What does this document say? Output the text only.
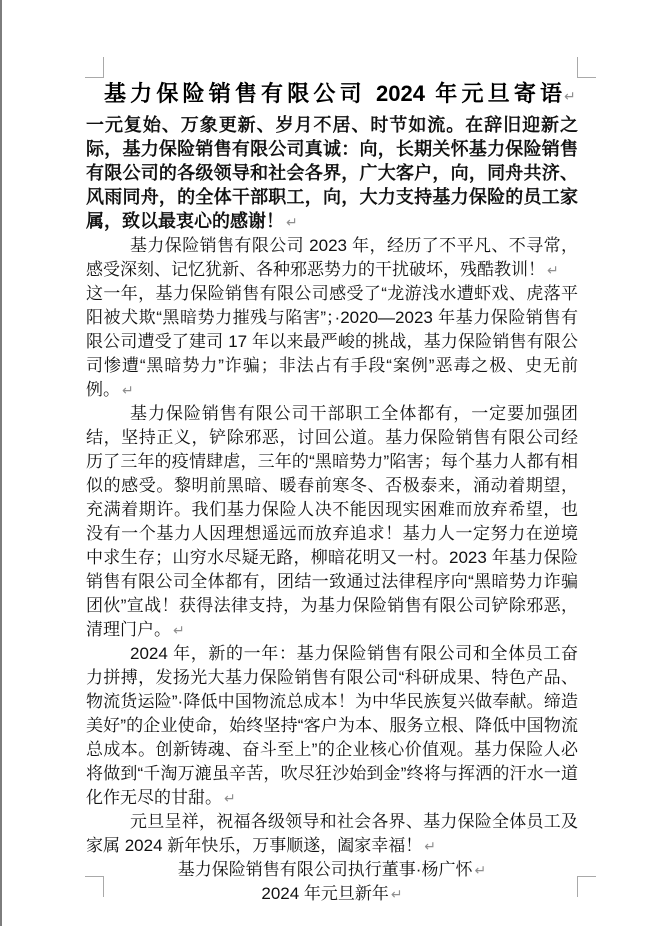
基力保险销售有限公司 2024 年元旦寄语 ↵

一元复始、万象更新、岁月不居、时节如流。在辞旧迎新之际，基力保险销售有限公司真诚：向，长期关怀基力保险销售有限公司的各级领导和社会各界，广大客户，向，同舟共济、风雨同舟，的全体干部职工，向，大力支持基力保险的员工家属，致以最衷心的感谢！ ↵

基力保险销售有限公司 2023 年，经历了不平凡、不寻常，感受深刻、记忆犹新、各种邪恶势力的干扰破坏，残酷教训！ ↵

这一年，基力保险销售有限公司感受了“龙游浅水遭虾戏、虎落平阳被犬欺“黑暗势力摧残与陷害”；·2020—2023 年基力保险销售有限公司遭受了建司 17 年以来最严峻的挑战，基力保险销售有限公司惨遭“黑暗势力”诈骗；非法占有手段“案例”恶毒之极、史无前例。 ↵

基力保险销售有限公司干部职工全体都有，一定要加强团结，坚持正义，铲除邪恶，讨回公道。基力保险销售有限公司经历了三年的疫情肆虐，三年的“黑暗势力”陷害；每个基力人都有相似的感受。黎明前黑暗、暖春前寒冬、否极泰来，涌动着期望，充满着期许。我们基力保险人决不能因现实困难而放弃希望，也没有一个基力人因理想遥远而放弃追求！基力人一定努力在逆境中求生存；山穷水尽疑无路，柳暗花明又一村。2023 年基力保险销售有限公司全体都有，团结一致通过法律程序向“黑暗势力诈骗团伙”宣战！获得法律支持，为基力保险销售有限公司铲除邪恶，清理门户。 ↵

2024 年，新的一年：基力保险销售有限公司和全体员工奋力拼搏，发扬光大基力保险销售有限公司“科研成果、特色产品、物流货运险”·降低中国物流总成本！为中华民族复兴做奉献。缔造美好”的企业使命，始终坚持“客户为本、服务立根、降低中国物流总成本。创新铸魂、奋斗至上”的企业核心价值观。基力保险人必将做到“千淘万漉虽辛苦，吹尽狂沙始到金”终将与挥洒的汗水一道化作无尽的甘甜。 ↵

元旦呈祥，祝福各级领导和社会各界、基力保险全体员工及家属 2024 新年快乐，万事顺遂，阖家幸福！ ↵

基力保险销售有限公司执行董事·杨广怀 ↵

2024 年元旦新年 ↵
